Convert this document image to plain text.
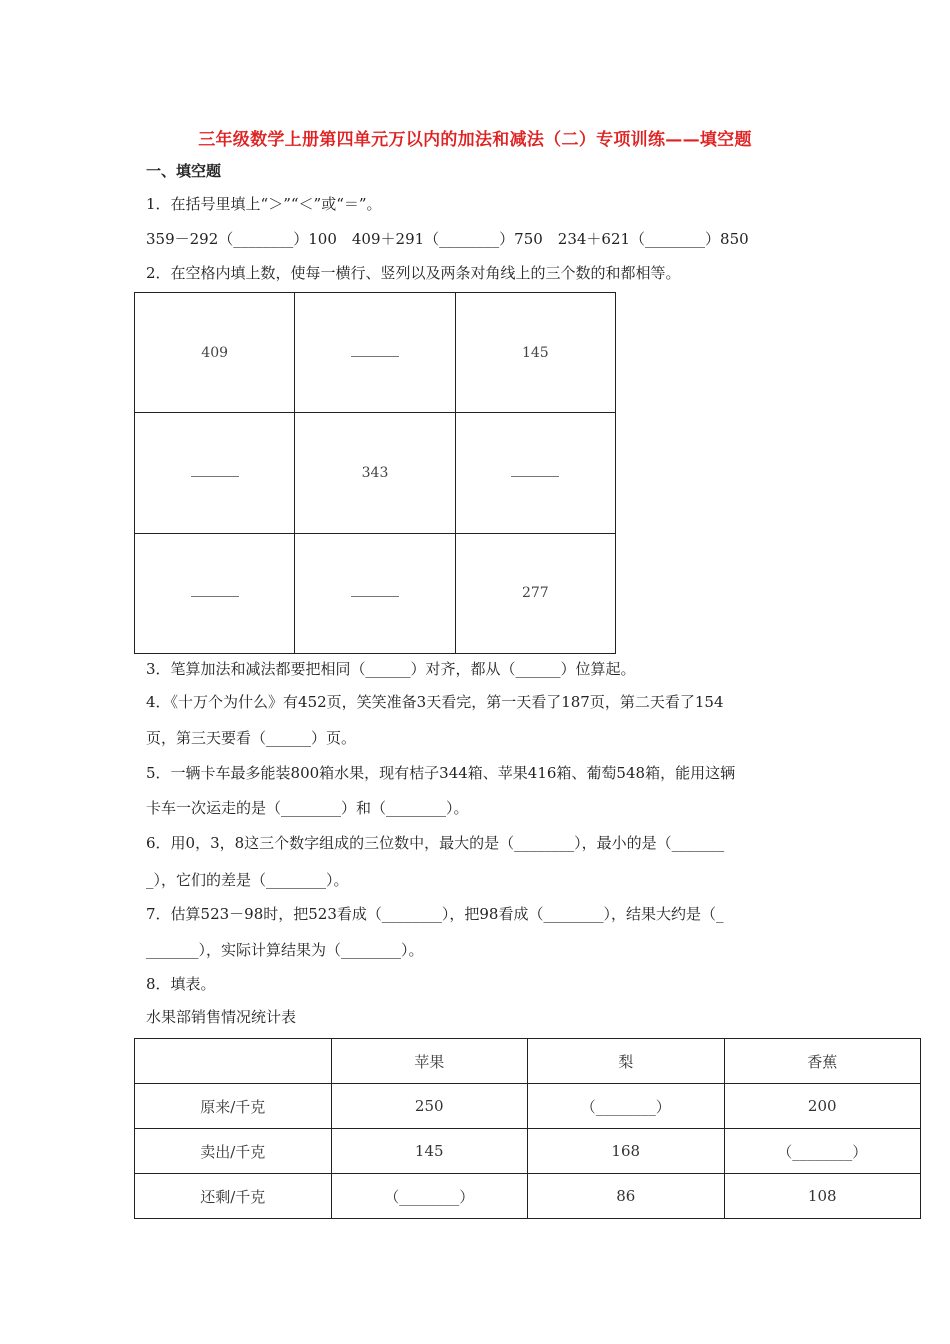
三年级数学上册第四单元万以内的加法和减法（二）专项训练——填空题
一、填空题
1．在括号里填上“＞”“＜”或“＝”。
359－292（________）100　409＋291（________）750　234＋621（________）850
2．在空格内填上数，使每一横行、竖列以及两条对角线上的三个数的和都相等。
409		145
	343	
		277
3．笔算加法和减法都要把相同（______）对齐，都从（______）位算起。
4．《十万个为什么》有452页，笑笑准备3天看完，第一天看了187页，第二天看了154
页，第三天要看（______）页。
5．一辆卡车最多能装800箱水果，现有桔子344箱、苹果416箱、葡萄548箱，能用这辆
卡车一次运走的是（________）和（________）。
6．用0，3，8这三个数字组成的三位数中，最大的是（________），最小的是（_______
_），它们的差是（________）。
7．估算523－98时，把523看成（________），把98看成（________），结果大约是（_
_______），实际计算结果为（________）。
8．填表。
水果部销售情况统计表
	苹果	梨	香蕉
原来/千克	250	（________）	200
卖出/千克	145	168	（________）
还剩/千克	（________）	86	108
